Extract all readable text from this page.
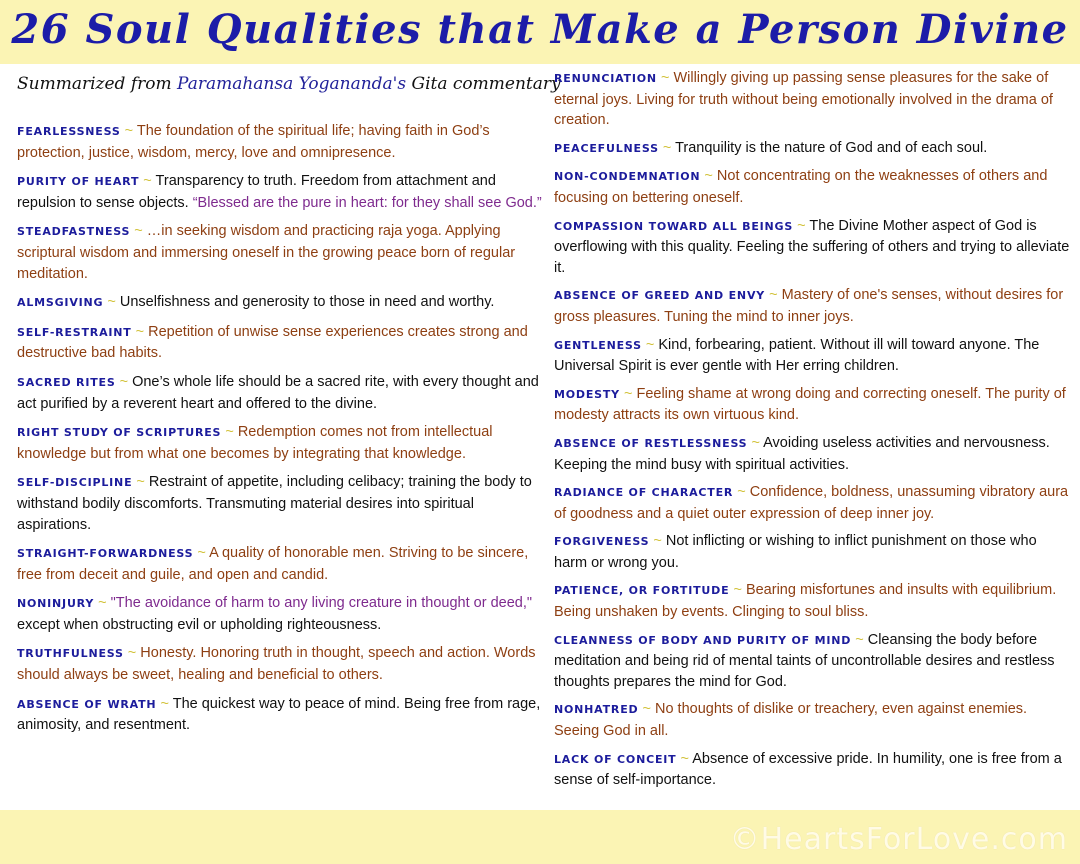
26 Soul Qualities that Make a Person Divine
Summarized from Paramahansa Yogananda's Gita commentary
FEARLESSNESS ~ The foundation of the spiritual life; having faith in God’s protection, justice, wisdom, mercy, love and omnipresence.
PURITY OF HEART ~ Transparency to truth. Freedom from attachment and repulsion to sense objects. “Blessed are the pure in heart: for they shall see God.”
STEADFASTNESS ~ …in seeking wisdom and practicing raja yoga. Applying scriptural wisdom and immersing oneself in the growing peace born of regular meditation.
ALMSGIVING ~ Unselfishness and generosity to those in need and worthy.
SELF-RESTRAINT ~ Repetition of unwise sense experiences creates strong and destructive bad habits.
SACRED RITES ~ One’s whole life should be a sacred rite, with every thought and act purified by a reverent heart and offered to the divine.
RIGHT STUDY OF SCRIPTURES ~ Redemption comes not from intellectual knowledge but from what one becomes by integrating that knowledge.
SELF-DISCIPLINE ~ Restraint of appetite, including celibacy; training the body to withstand bodily discomforts. Transmuting material desires into spiritual aspirations.
STRAIGHT-FORWARDNESS ~ A quality of honorable men. Striving to be sincere, free from deceit and guile, and open and candid.
NONINJURY ~ "The avoidance of harm to any living creature in thought or deed," except when obstructing evil or upholding righteousness.
TRUTHFULNESS ~ Honesty. Honoring truth in thought, speech and action. Words should always be sweet, healing and beneficial to others.
ABSENCE OF WRATH ~ The quickest way to peace of mind. Being free from rage, animosity, and resentment.
RENUNCIATION ~ Willingly giving up passing sense pleasures for the sake of eternal joys. Living for truth without being emotionally involved in the drama of creation.
PEACEFULNESS ~ Tranquility is the nature of God and of each soul.
NON-CONDEMNATION ~ Not concentrating on the weaknesses of others and focusing on bettering oneself.
COMPASSION TOWARD ALL BEINGS ~ The Divine Mother aspect of God is overflowing with this quality. Feeling the suffering of others and trying to alleviate it.
ABSENCE OF GREED AND ENVY ~ Mastery of one's senses, without desires for gross pleasures. Tuning the mind to inner joys.
GENTLENESS ~ Kind, forbearing, patient. Without ill will toward anyone. The Universal Spirit is ever gentle with Her erring children.
MODESTY ~ Feeling shame at wrong doing and correcting oneself. The purity of modesty attracts its own virtuous kind.
ABSENCE OF RESTLESSNESS ~ Avoiding useless activities and nervousness. Keeping the mind busy with spiritual activities.
RADIANCE OF CHARACTER ~ Confidence, boldness, unassuming vibratory aura of goodness and a quiet outer expression of deep inner joy.
FORGIVENESS ~ Not inflicting or wishing to inflict punishment on those who harm or wrong you.
PATIENCE, OR FORTITUDE ~ Bearing misfortunes and insults with equilibrium. Being unshaken by events. Clinging to soul bliss.
CLEANNESS OF BODY AND PURITY OF MIND ~ Cleansing the body before meditation and being rid of mental taints of uncontrollable desires and restless thoughts prepares the mind for God.
NONHATRED ~ No thoughts of dislike or treachery, even against enemies. Seeing God in all.
LACK OF CONCEIT ~ Absence of excessive pride. In humility, one is free from a sense of self-importance.
©HeartsForLove.com
